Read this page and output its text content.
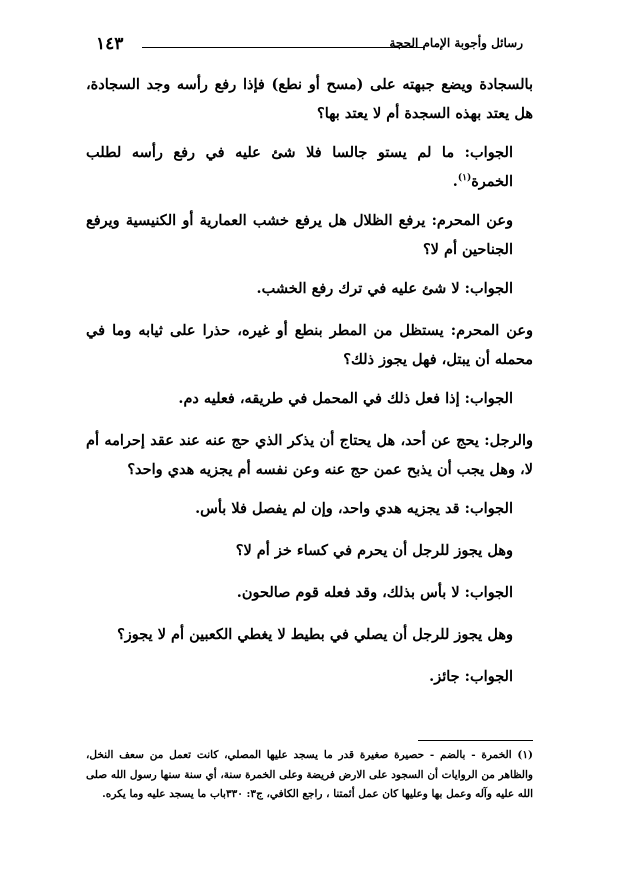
رسائل وأجوبة الإمام الحجة
١٤٣

بالسجادة ويضع جبهته على (مسح أو نطع) فإذا رفع رأسه وجد السجادة، هل يعتد بهذه السجدة أم لا يعتد بها؟

الجواب: ما لم يستو جالسا فلا شئ عليه في رفع رأسه لطلب الخمرة$^{(١)}$.

وعن المحرم: يرفع الظلال هل يرفع خشب العمارية أو الكنيسية ويرفع الجناحين أم لا؟

الجواب: لا شئ عليه في ترك رفع الخشب.

وعن المحرم: يستظل من المطر بنطع أو غيره، حذرا على ثيابه وما في محمله أن يبتل، فهل يجوز ذلك؟

الجواب: إذا فعل ذلك في المحمل في طريقه، فعليه دم.

والرجل: يحج عن أحد، هل يحتاج أن يذكر الذي حج عنه عند عقد إحرامه أم لا، وهل يجب أن يذبح عمن حج عنه وعن نفسه أم يجزيه هدي واحد؟

الجواب: قد يجزيه هدي واحد، وإن لم يفصل فلا بأس.

وهل يجوز للرجل أن يحرم في كساء خز أم لا؟

الجواب: لا بأس بذلك، وقد فعله قوم صالحون.

وهل يجوز للرجل أن يصلي في بطيط لا يغطي الكعبين أم لا يجوز؟

الجواب: جائز.

(١) الخمرة - بالضم - حصيرة صغيرة قدر ما يسجد عليها المصلي، كانت تعمل من سعف النخل، والظاهر من الروايات أن السجود على الارض فريضة وعلى الخمرة سنة، أي سنة سنها رسول الله صلى الله عليه وآله وعمل بها وعليها كان عمل أئمتنا ، راجع الكافي، ج٣: ٣٣٠باب ما يسجد عليه وما يكره.
